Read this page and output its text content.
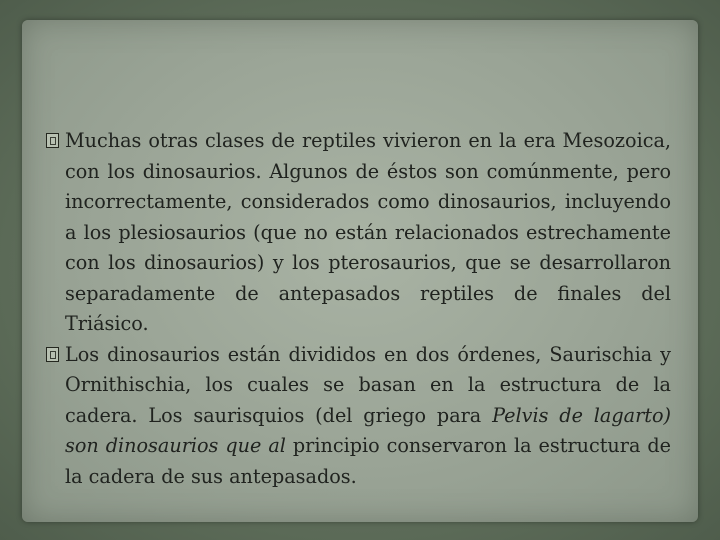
Muchas otras clases de reptiles vivieron en la era Mesozoica, con los dinosaurios. Algunos de éstos son comúnmente, pero incorrectamente, considerados como dinosaurios, incluyendo a los plesiosaurios (que no están relacionados estrechamente con los dinosaurios) y los pterosaurios, que se desarrollaron separadamente de antepasados reptiles de finales del Triásico.

Los dinosaurios están divididos en dos órdenes, Saurischia y Ornithischia, los cuales se basan en la estructura de la cadera. Los saurisquios (del griego para Pelvis de lagarto) son dinosaurios que al principio conservaron la estructura de la cadera de sus antepasados.
